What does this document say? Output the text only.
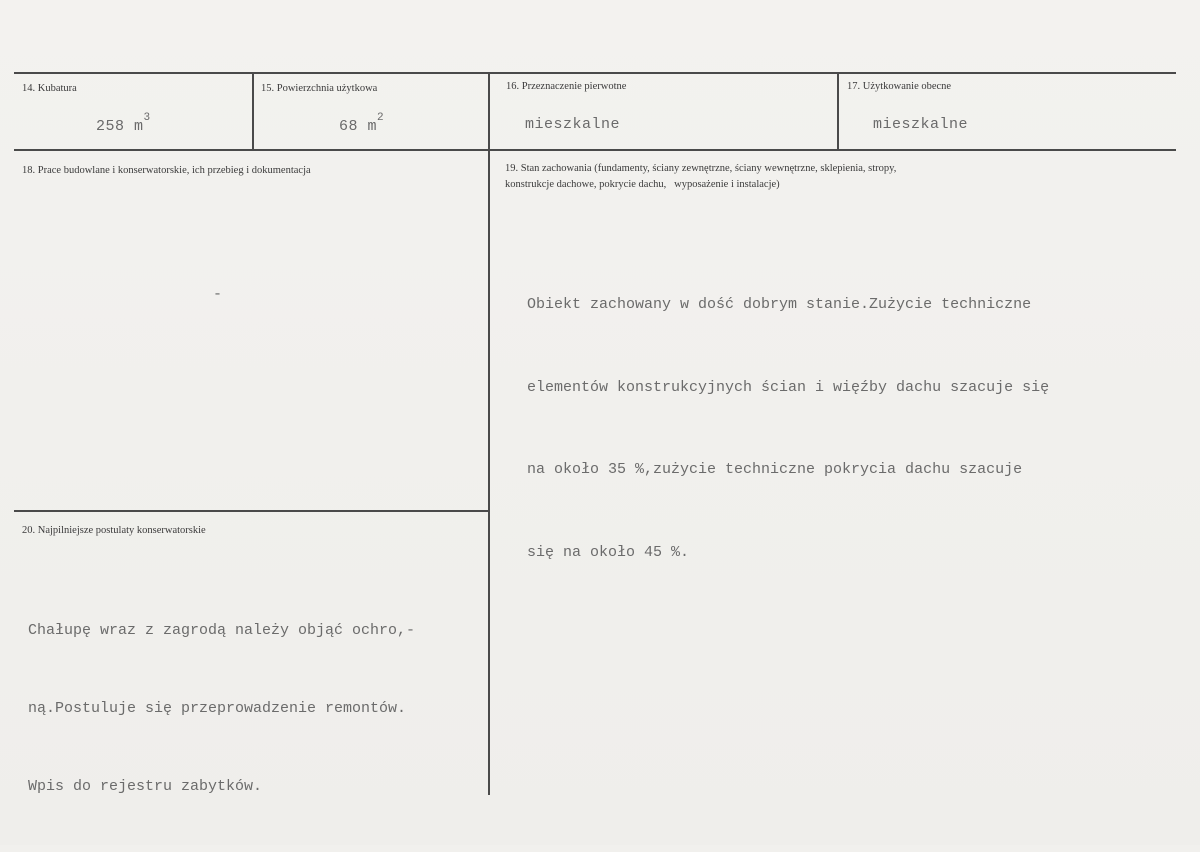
14. Kubatura
258 $m^3$
15. Powierzchnia użytkowa
68 $m^2$
16. Przeznaczenie pierwotne
mieszkalne
17. Użytkowanie obecne
mieszkalne
18. Prace budowlane i konserwatorskie, ich przebieg i dokumentacja
-
19. Stan zachowania (fundamenty, ściany zewnętrzne, ściany wewnętrzne, sklepienia, stropy,
konstrukcje dachowe, pokrycie dachu,   wyposażenie i instalacje)

Obiekt zachowany w dość dobrym stanie.Zużycie techniczne

elementów konstrukcyjnych ścian i więźby dachu szacuje się

na około 35 %,zużycie techniczne pokrycia dachu szacuje

się na około 45 %.

20. Najpilniejsze postulaty konserwatorskie

Chałupę wraz z zagrodą należy objąć ochro,-

ną.Postuluje się przeprowadzenie remontów.

Wpis do rejestru zabytków.
